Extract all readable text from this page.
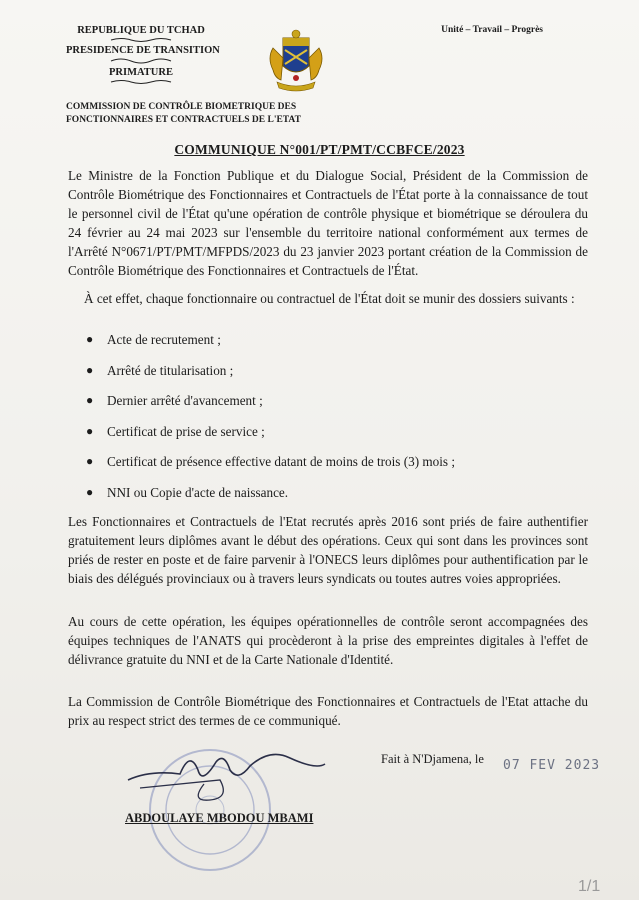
REPUBLIQUE DU TCHAD
PRESIDENCE DE TRANSITION
PRIMATURE
Unité – Travail – Progrès
COMMISSION DE CONTRÔLE BIOMETRIQUE DES
FONCTIONNAIRES ET CONTRACTUELS DE L'ETAT
COMMUNIQUE N°001/PT/PMT/CCBFCE/2023
Le Ministre de la Fonction Publique et du Dialogue Social, Président de la Commission de Contrôle Biométrique des Fonctionnaires et Contractuels de l'État porte à la connaissance de tout le personnel civil de l'État qu'une opération de contrôle physique et biométrique se déroulera du 24 février au 24 mai 2023 sur l'ensemble du territoire national conformément aux termes de l'Arrêté N°0671/PT/PMT/MFPDS/2023 du 23 janvier 2023 portant création de la Commission de Contrôle Biométrique des Fonctionnaires et Contractuels de l'État.
À cet effet, chaque fonctionnaire ou contractuel de l'État doit se munir des dossiers suivants :
● Acte de recrutement ;
● Arrêté de titularisation ;
● Dernier arrêté d'avancement ;
● Certificat de prise de service ;
● Certificat de présence effective datant de moins de trois (3) mois ;
● NNI ou Copie d'acte de naissance.
Les Fonctionnaires et Contractuels de l'Etat recrutés après 2016 sont priés de faire authentifier gratuitement leurs diplômes avant le début des opérations. Ceux qui sont dans les provinces sont priés de rester en poste et de faire parvenir à l'ONECS leurs diplômes pour authentification par le biais des délégués provinciaux ou à travers leurs syndicats ou toutes autres voies appropriées.
Au cours de cette opération, les équipes opérationnelles de contrôle seront accompagnées des équipes techniques de l'ANATS qui procèderont à la prise des empreintes digitales à l'effet de délivrance gratuite du NNI et de la Carte Nationale d'Identité.
La Commission de Contrôle Biométrique des Fonctionnaires et Contractuels de l'Etat attache du prix au respect strict des termes de ce communiqué.
Fait à N'Djamena, le 07 FEV 2023
ABDOULAYE MBODOU MBAMI
1/1
